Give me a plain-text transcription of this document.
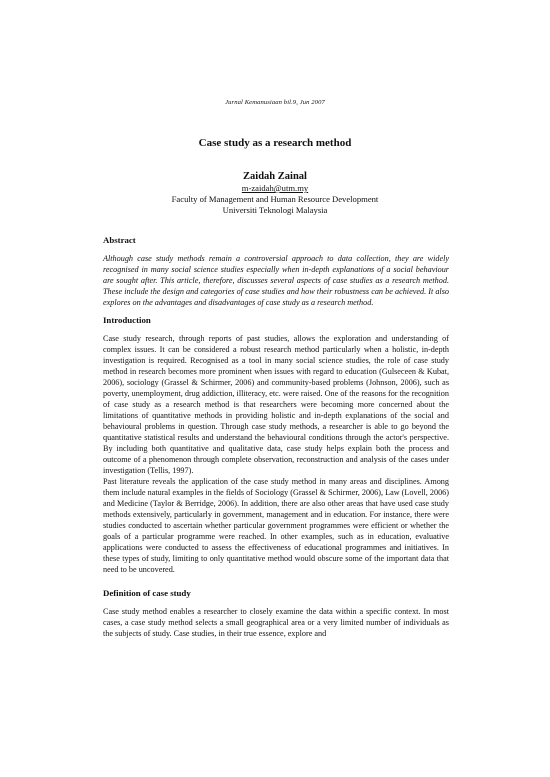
Jurnal Kemanusiaan bil.9, Jun 2007
Case study as a research method
Zaidah Zainal
m-zaidah@utm.my
Faculty of Management and Human Resource Development
Universiti Teknologi Malaysia
Abstract

Although case study methods remain a controversial approach to data collection, they are widely recognised in many social science studies especially when in-depth explanations of a social behaviour are sought after. This article, therefore, discusses several aspects of case studies as a research method. These include the design and categories of case studies and how their robustness can be achieved. It also explores on the advantages and disadvantages of case study as a research method.

Introduction

Case study research, through reports of past studies, allows the exploration and understanding of complex issues. It can be considered a robust research method particularly when a holistic, in-depth investigation is required. Recognised as a tool in many social science studies, the role of case study method in research becomes more prominent when issues with regard to education (Gulseceen & Kubat, 2006), sociology (Grassel & Schirmer, 2006) and community-based problems (Johnson, 2006), such as poverty, unemployment, drug addiction, illiteracy, etc. were raised. One of the reasons for the recognition of case study as a research method is that researchers were becoming more concerned about the limitations of quantitative methods in providing holistic and in-depth explanations of the social and behavioural problems in question. Through case study methods, a researcher is able to go beyond the quantitative statistical results and understand the behavioural conditions through the actor's perspective. By including both quantitative and qualitative data, case study helps explain both the process and outcome of a phenomenon through complete observation, reconstruction and analysis of the cases under investigation (Tellis, 1997).

Past literature reveals the application of the case study method in many areas and disciplines. Among them include natural examples in the fields of Sociology (Grassel & Schirmer, 2006), Law (Lovell, 2006) and Medicine (Taylor & Berridge, 2006). In addition, there are also other areas that have used case study methods extensively, particularly in government, management and in education. For instance, there were studies conducted to ascertain whether particular government programmes were efficient or whether the goals of a particular programme were reached. In other examples, such as in education, evaluative applications were conducted to assess the effectiveness of educational programmes and initiatives. In these types of study, limiting to only quantitative method would obscure some of the important data that need to be uncovered.

Definition of case study

Case study method enables a researcher to closely examine the data within a specific context. In most cases, a case study method selects a small geographical area or a very limited number of individuals as the subjects of study. Case studies, in their true essence, explore and
